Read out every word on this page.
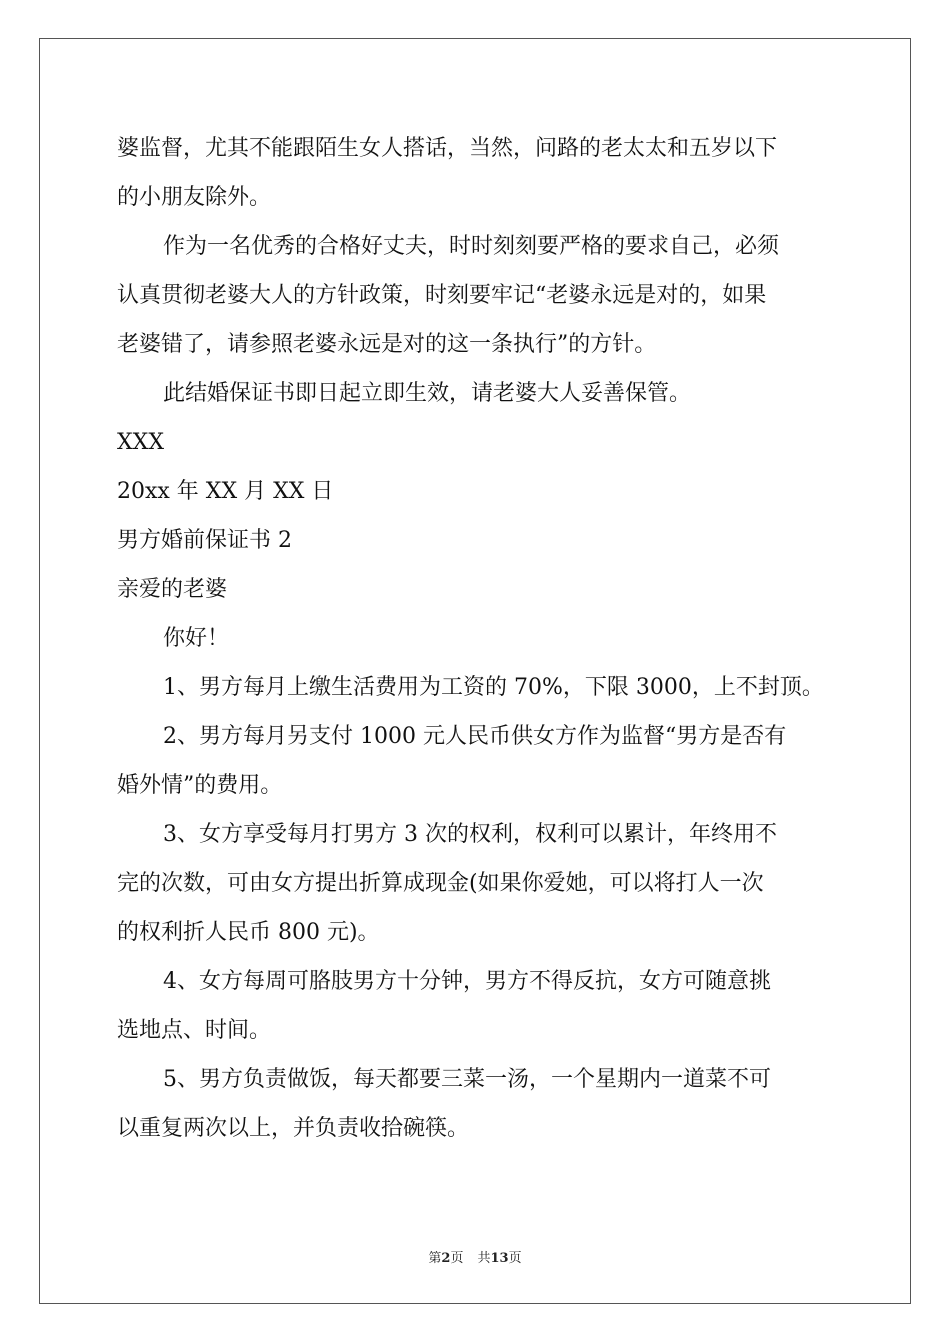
婆监督，尤其不能跟陌生女人搭话，当然，问路的老太太和五岁以下
的小朋友除外。
作为一名优秀的合格好丈夫，时时刻刻要严格的要求自己，必须
认真贯彻老婆大人的方针政策，时刻要牢记“老婆永远是对的，如果
老婆错了，请参照老婆永远是对的这一条执行”的方针。
此结婚保证书即日起立即生效，请老婆大人妥善保管。
XXX
20xx 年 XX 月 XX 日
男方婚前保证书 2
亲爱的老婆
你好！
1、男方每月上缴生活费用为工资的 70%，下限 3000，上不封顶。
2、男方每月另支付 1000 元人民币供女方作为监督“男方是否有
婚外情”的费用。
3、女方享受每月打男方 3 次的权利，权利可以累计，年终用不
完的次数，可由女方提出折算成现金(如果你爱她，可以将打人一次
的权利折人民币 800 元)。
4、女方每周可胳肢男方十分钟，男方不得反抗，女方可随意挑
选地点、时间。
5、男方负责做饭，每天都要三菜一汤，一个星期内一道菜不可
以重复两次以上，并负责收拾碗筷。
第2页 共13页
